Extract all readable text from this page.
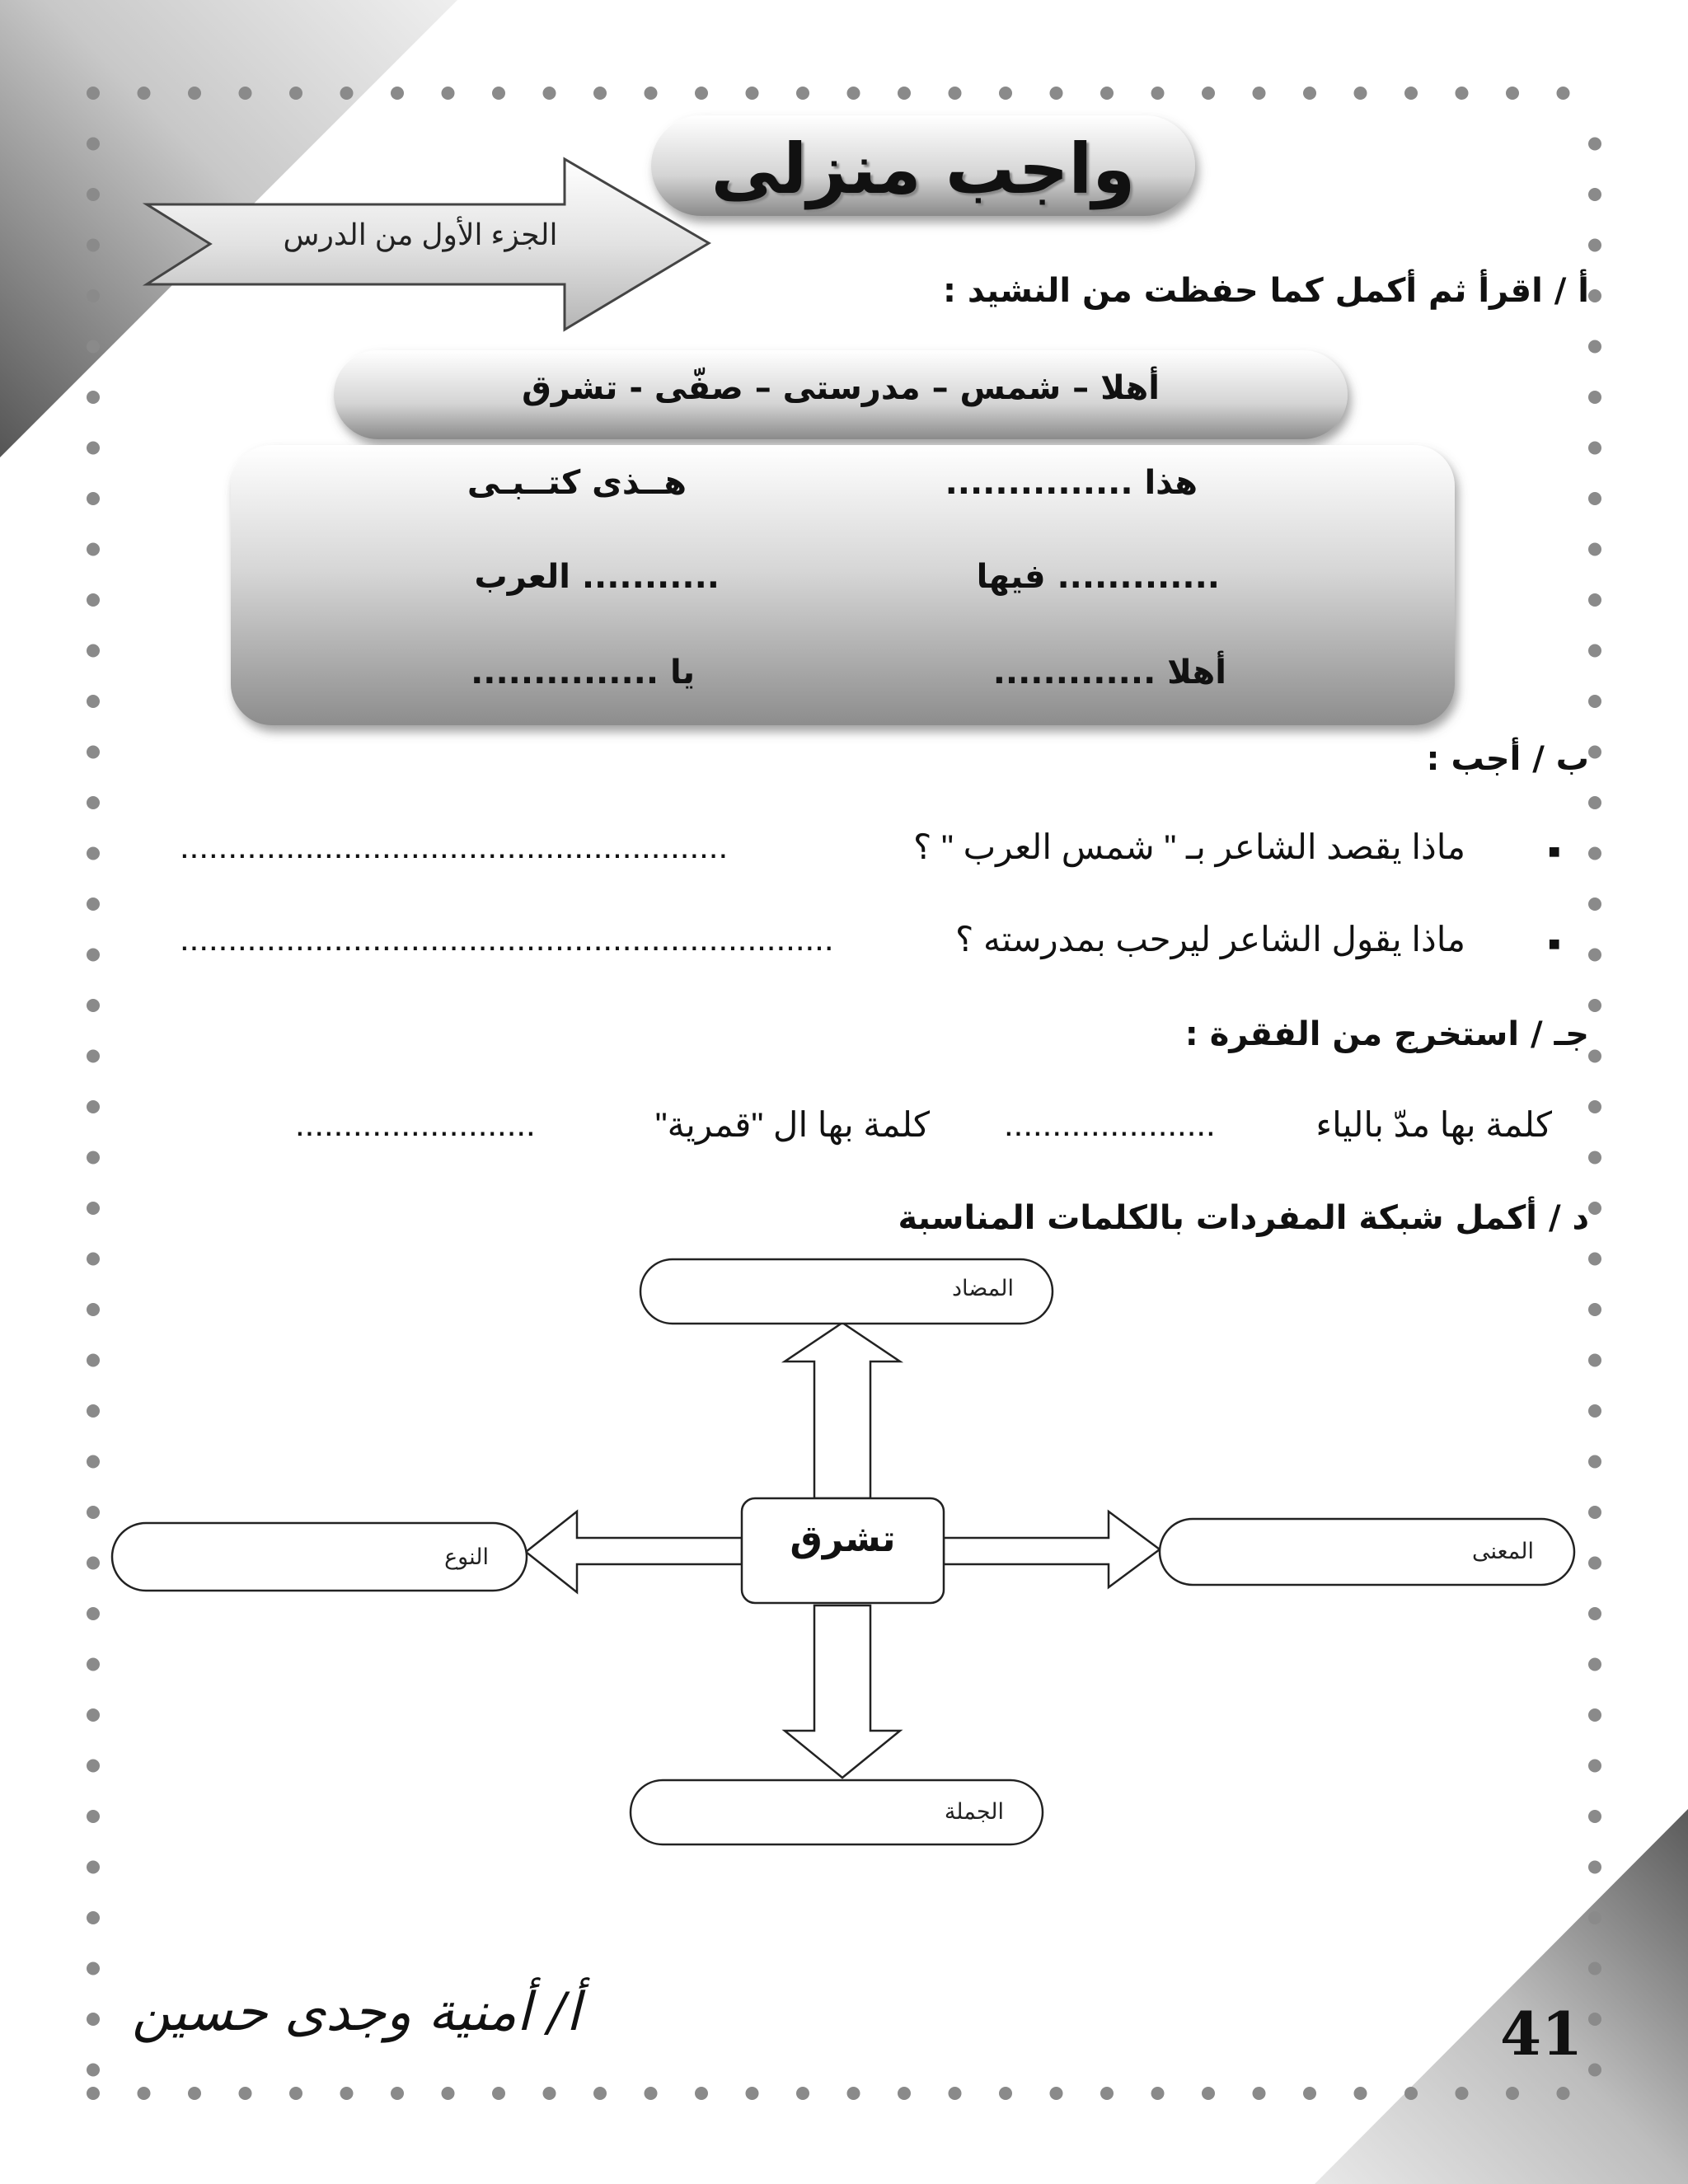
واجب منزلى
الجزء الأول من الدرس
أ / اقرأ ثم أكمل كما حفظت من النشيد :
أهلا – شمس – مدرستى – صفّى - تشرق
هذا ...............
هــذى كتــبـى
............. فيها
........... العرب
أهلا .............
يا ...............
ب / أجب :
■
ماذا يقصد الشاعر بـ " شمس العرب " ؟
.........................................................
■
ماذا يقول الشاعر ليرحب بمدرسته ؟
....................................................................
جـ / استخرج من الفقرة :
كلمة بها مدّ بالياء
......................
كلمة بها ال "قمرية"
.........................
د / أكمل شبكة المفردات بالكلمات المناسبة
تشرق
المضاد
الجملة
النوع	المعنى
أ/ أمنية وجدى حسين	41
